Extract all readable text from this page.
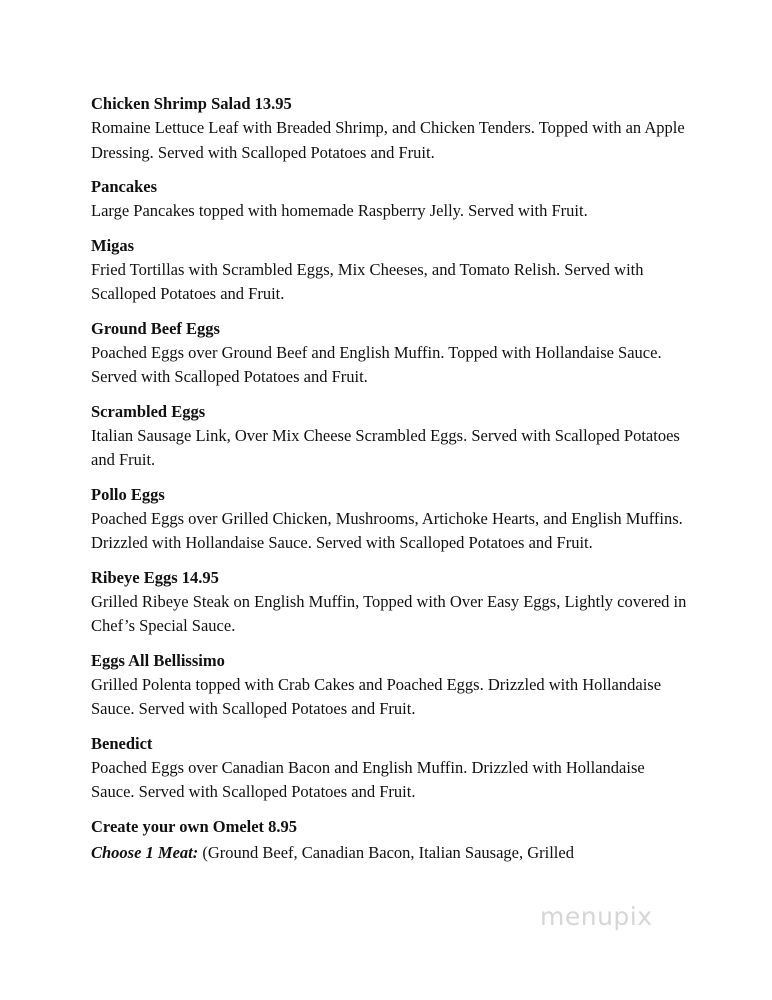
Chicken Shrimp Salad 13.95
Romaine Lettuce Leaf with Breaded Shrimp, and Chicken Tenders. Topped with an Apple Dressing. Served with Scalloped Potatoes and Fruit.
Pancakes
Large Pancakes topped with homemade Raspberry Jelly. Served with Fruit.
Migas
Fried Tortillas with Scrambled Eggs, Mix Cheeses, and Tomato Relish. Served with Scalloped Potatoes and Fruit.
Ground Beef Eggs
Poached Eggs over Ground Beef and English Muffin. Topped with Hollandaise Sauce. Served with Scalloped Potatoes and Fruit.
Scrambled Eggs
Italian Sausage Link, Over Mix Cheese Scrambled Eggs. Served with Scalloped Potatoes and Fruit.
Pollo Eggs
Poached Eggs over Grilled Chicken, Mushrooms, Artichoke Hearts, and English Muffins. Drizzled with Hollandaise Sauce. Served with Scalloped Potatoes and Fruit.
Ribeye Eggs 14.95
Grilled Ribeye Steak on English Muffin, Topped with Over Easy Eggs, Lightly covered in Chef’s Special Sauce.
Eggs All Bellissimo
Grilled Polenta topped with Crab Cakes and Poached Eggs. Drizzled with Hollandaise Sauce. Served with Scalloped Potatoes and Fruit.
Benedict
Poached Eggs over Canadian Bacon and English Muffin. Drizzled with Hollandaise Sauce. Served with Scalloped Potatoes and Fruit.
Create your own Omelet 8.95
Choose 1 Meat: (Ground Beef, Canadian Bacon, Italian Sausage, Grilled
menupix
